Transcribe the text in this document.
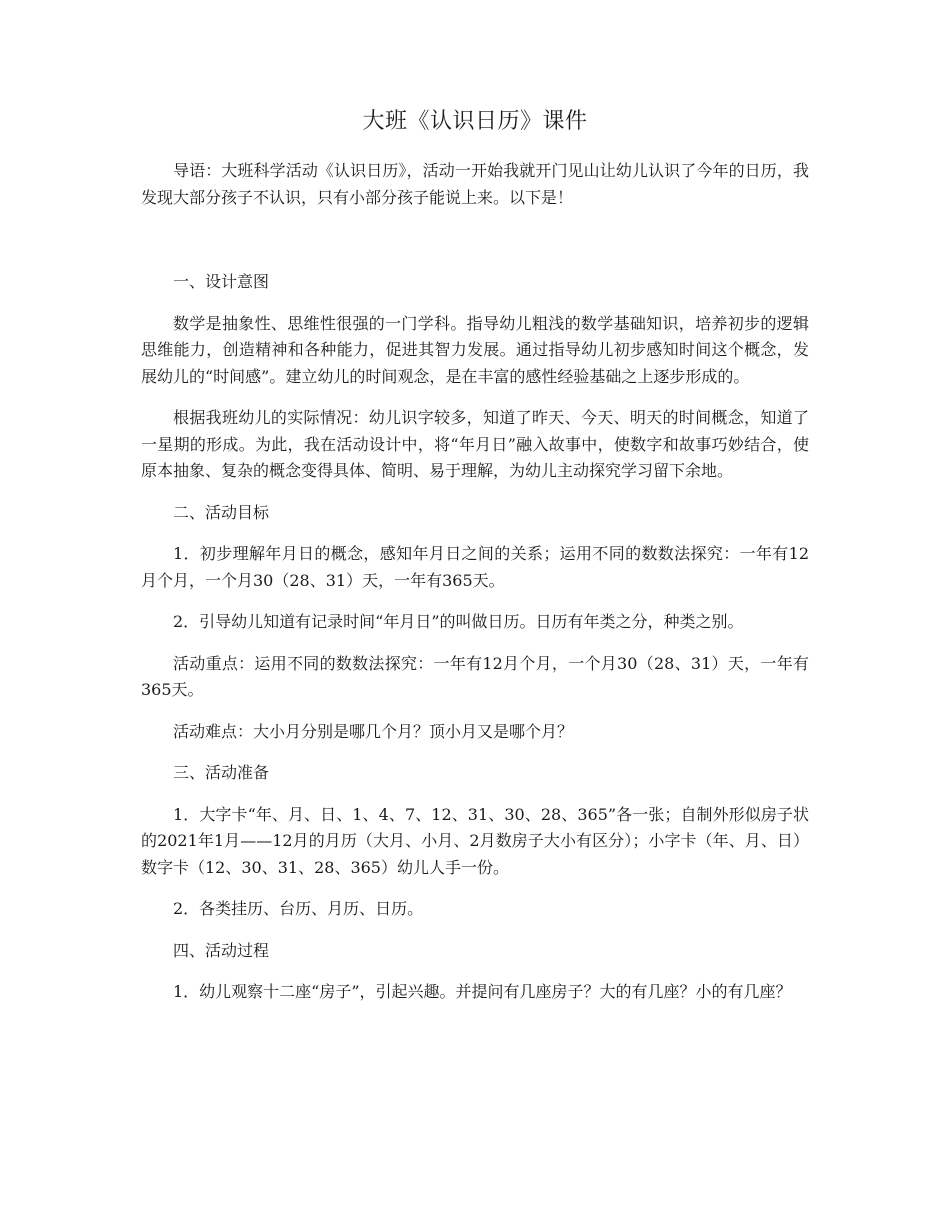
大班《认识日历》课件

导语：大班科学活动《认识日历》，活动一开始我就开门见山让幼儿认识了今年的日历，我发现大部分孩子不认识，只有小部分孩子能说上来。以下是！

一、设计意图

数学是抽象性、思维性很强的一门学科。指导幼儿粗浅的数学基础知识，培养初步的逻辑思维能力，创造精神和各种能力，促进其智力发展。通过指导幼儿初步感知时间这个概念，发展幼儿的“时间感”。建立幼儿的时间观念，是在丰富的感性经验基础之上逐步形成的。

根据我班幼儿的实际情况：幼儿识字较多，知道了昨天、今天、明天的时间概念，知道了一星期的形成。为此，我在活动设计中，将“年月日”融入故事中，使数字和故事巧妙结合，使原本抽象、复杂的概念变得具体、简明、易于理解，为幼儿主动探究学习留下余地。

二、活动目标

1．初步理解年月日的概念，感知年月日之间的关系；运用不同的数数法探究：一年有12月个月，一个月30（28、31）天，一年有365天。

2．引导幼儿知道有记录时间“年月日”的叫做日历。日历有年类之分，种类之别。

活动重点：运用不同的数数法探究：一年有12月个月，一个月30（28、31）天，一年有365天。

活动难点：大小月分别是哪几个月？顶小月又是哪个月？

三、活动准备

1．大字卡“年、月、日、1、4、7、12、31、30、28、365”各一张；自制外形似房子状的2021年1月——12月的月历（大月、小月、2月数房子大小有区分）；小字卡（年、月、日）数字卡（12、30、31、28、365）幼儿人手一份。

2．各类挂历、台历、月历、日历。

四、活动过程

1．幼儿观察十二座“房子”，引起兴趣。并提问有几座房子？大的有几座？小的有几座？
